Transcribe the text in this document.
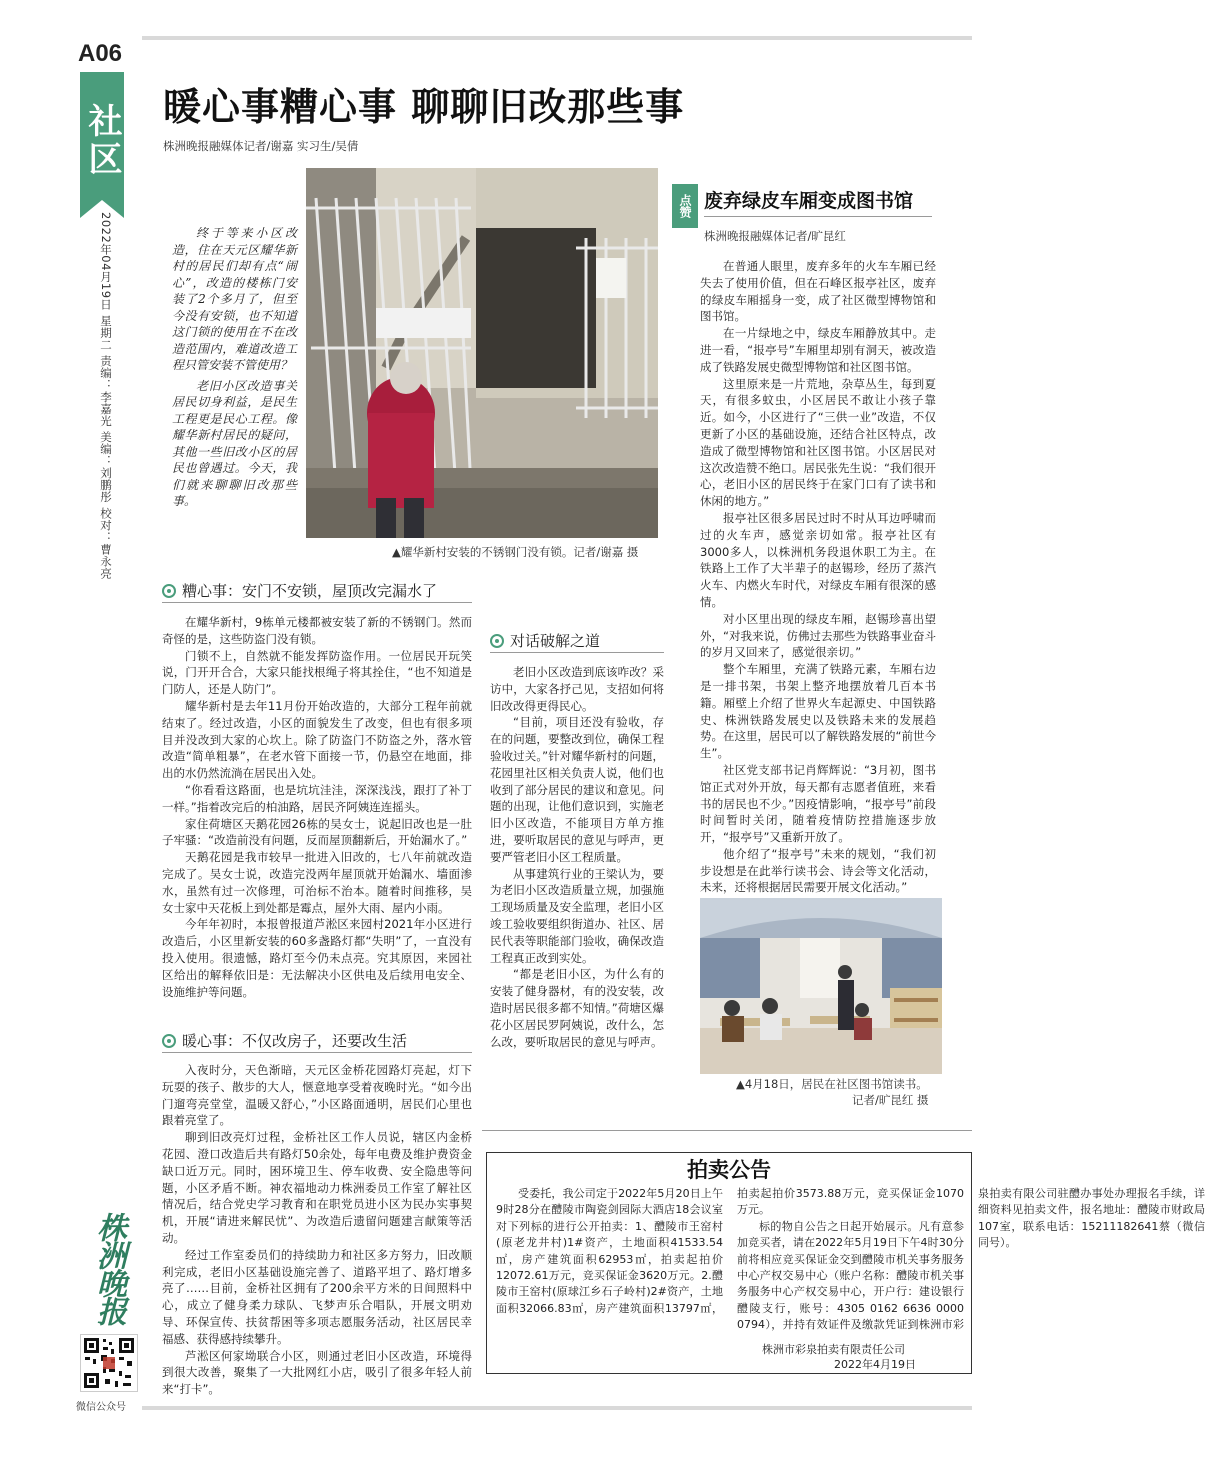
A06
社区
2022年04月19日 星期二 责编：李嘉光 美编：刘鹏彤 校对：曹永亮
暖心事糟心事 聊聊旧改那些事
株洲晚报融媒体记者/谢嘉 实习生/吴倩
▲耀华新村安装的不锈钢门没有锁。记者/谢嘉 摄

终于等来小区改造，住在天元区耀华新村的居民们却有点“闹心”，改造的楼栋门安装了2个多月了，但至今没有安锁，也不知道这门锁的使用在不在改造范围内，难道改造工程只管安装不管使用？

老旧小区改造事关居民切身利益，是民生工程更是民心工程。像耀华新村居民的疑问，其他一些旧改小区的居民也曾遇过。今天，我们就来聊聊旧改那些事。

糟心事：安门不安锁，屋顶改完漏水了

在耀华新村，9栋单元楼都被安装了新的不锈钢门。然而奇怪的是，这些防盗门没有锁。

门锁不上，自然就不能发挥防盗作用。一位居民开玩笑说，门开开合合，大家只能找根绳子将其拴住，“也不知道是门防人，还是人防门”。

耀华新村是去年11月份开始改造的，大部分工程年前就结束了。经过改造，小区的面貌发生了改变，但也有很多项目并没改到大家的心坎上。除了防盗门不防盗之外，落水管改造“简单粗暴”，在老水管下面接一节，仍悬空在地面，排出的水仍然流淌在居民出入处。

“你看看这路面，也是坑坑洼洼，深深浅浅，跟打了补丁一样。”指着改完后的柏油路，居民齐阿姨连连摇头。

家住荷塘区天鹅花园26栋的吴女士，说起旧改也是一肚子牢骚：“改造前没有问题，反而屋顶翻新后，开始漏水了。”

天鹅花园是我市较早一批进入旧改的，七八年前就改造完成了。吴女士说，改造完没两年屋顶就开始漏水、墙面渗水，虽然有过一次修理，可治标不治本。随着时间推移，吴女士家中天花板上到处都是霉点，屋外大雨、屋内小雨。

今年年初时，本报曾报道芦淞区来园村2021年小区进行改造后，小区里新安装的60多盏路灯都“失明”了，一直没有投入使用。很遗憾，路灯至今仍未点亮。究其原因，来园社区给出的解释依旧是：无法解决小区供电及后续用电安全、设施维护等问题。

暖心事：不仅改房子，还要改生活

入夜时分，天色渐暗，天元区金桥花园路灯亮起，灯下玩耍的孩子、散步的大人，惬意地享受着夜晚时光。“如今出门遛弯亮堂堂，温暖又舒心，”小区路面通明，居民们心里也跟着亮堂了。

聊到旧改亮灯过程，金桥社区工作人员说，辖区内金桥花园、澄口改造后共有路灯50余处，每年电费及维护费资金缺口近万元。同时，困环境卫生、停车收费、安全隐患等问题，小区矛盾不断。神农福地动力株洲委员工作室了解社区情况后，结合党史学习教育和在职党员进小区为民办实事契机，开展“请进来解民忧”、为改造后遗留问题建言献策等活动。

经过工作室委员们的持续助力和社区多方努力，旧改顺利完成，老旧小区基础设施完善了、道路平坦了、路灯增多亮了……目前，金桥社区拥有了200余平方米的日间照料中心，成立了健身柔力球队、飞梦声乐合唱队，开展文明劝导、环保宣传、扶贫帮困等多项志愿服务活动，社区居民幸福感、获得感持续攀升。

芦淞区何家坳联合小区，则通过老旧小区改造，环境得到很大改善，聚集了一大批网红小店，吸引了很多年轻人前来“打卡”。

对话破解之道

老旧小区改造到底该咋改？采访中，大家各抒己见，支招如何将旧改改得更得民心。

“目前，项目还没有验收，存在的问题，要整改到位，确保工程验收过关。”针对耀华新村的问题，花园里社区相关负责人说，他们也收到了部分居民的建议和意见。问题的出现，让他们意识到，实施老旧小区改造，不能项目方单方推进，要听取居民的意见与呼声，更要严管老旧小区工程质量。

从事建筑行业的王梁认为，要为老旧小区改造质量立规，加强施工现场质量及安全监理，老旧小区竣工验收要组织街道办、社区、居民代表等职能部门验收，确保改造工程真正改到实处。

“都是老旧小区，为什么有的安装了健身器材，有的没安装，改造时居民很多都不知情。”荷塘区爆花小区居民罗阿姨说，改什么，怎么改，要听取居民的意见与呼声。

点赞 废弃绿皮车厢变成图书馆
株洲晚报融媒体记者/旷昆红

在普通人眼里，废弃多年的火车车厢已经失去了使用价值，但在石峰区报亭社区，废弃的绿皮车厢摇身一变，成了社区微型博物馆和图书馆。

在一片绿地之中，绿皮车厢静放其中。走进一看，“报亭号”车厢里却别有洞天，被改造成了铁路发展史微型博物馆和社区图书馆。

这里原来是一片荒地，杂草丛生，每到夏天，有很多蚊虫，小区居民不敢让小孩子靠近。如今，小区进行了“三供一业”改造，不仅更新了小区的基础设施，还结合社区特点，改造成了微型博物馆和社区图书馆。小区居民对这次改造赞不绝口。居民张先生说：“我们很开心，老旧小区的居民终于在家门口有了读书和休闲的地方。”

报亭社区很多居民过时不时从耳边呼啸而过的火车声，感觉亲切如常。报亭社区有3000多人，以株洲机务段退休职工为主。在铁路上工作了大半辈子的赵锡珍，经历了蒸汽火车、内燃火车时代，对绿皮车厢有很深的感情。

对小区里出现的绿皮车厢，赵锡珍喜出望外，“对我来说，仿佛过去那些为铁路事业奋斗的岁月又回来了，感觉很亲切。”

整个车厢里，充满了铁路元素，车厢右边是一排书架，书架上整齐地摆放着几百本书籍。厢壁上介绍了世界火车起源史、中国铁路史、株洲铁路发展史以及铁路未来的发展趋势。在这里，居民可以了解铁路发展的“前世今生”。

社区党支部书记肖辉辉说：“3月初，图书馆正式对外开放，每天都有志愿者值班，来看书的居民也不少。”因疫情影响，“报亭号”前段时间暂时关闭，随着疫情防控措施逐步放开，“报亭号”又重新开放了。

他介绍了“报亭号”未来的规划，“我们初步设想是在此举行读书会、诗会等文化活动，未来，还将根据居民需要开展文化活动。”

▲4月18日，居民在社区图书馆读书。
记者/旷昆红 摄
拍卖公告

受委托，我公司定于2022年5月20日上午9时28分在醴陵市陶瓷剑园际大酒店18会议室对下列标的进行公开拍卖：1、醴陵市王窑村(原老龙井村)1#资产，土地面积41533.54㎡，房产建筑面积62953㎡，拍卖起拍价12072.61万元，竞买保证金3620万元。2.醴陵市王窑村(原球江乡石子岭村)2#资产，土地面积32066.83㎡，房产建筑面积13797㎡，拍卖起拍价3573.88万元，竞买保证金1070万元。

标的物自公告之日起开始展示。凡有意参加竞买者，请在2022年5月19日下午4时30分前将相应竞买保证金交到醴陵市机关事务服务中心产权交易中心（账户名称：醴陵市机关事务服务中心产权交易中心，开户行：建设银行醴陵支行，账号：4305 0162 6636 0000 0794），并持有效证件及缴款凭证到株洲市彩泉拍卖有限公司驻醴办事处办理报名手续，详细资料见拍卖文件，报名地址：醴陵市财政局107室，联系电话：15211182641蔡（微信同号）。

株洲市彩泉拍卖有限责任公司
2022年4月19日
株洲晚报
微信公众号
